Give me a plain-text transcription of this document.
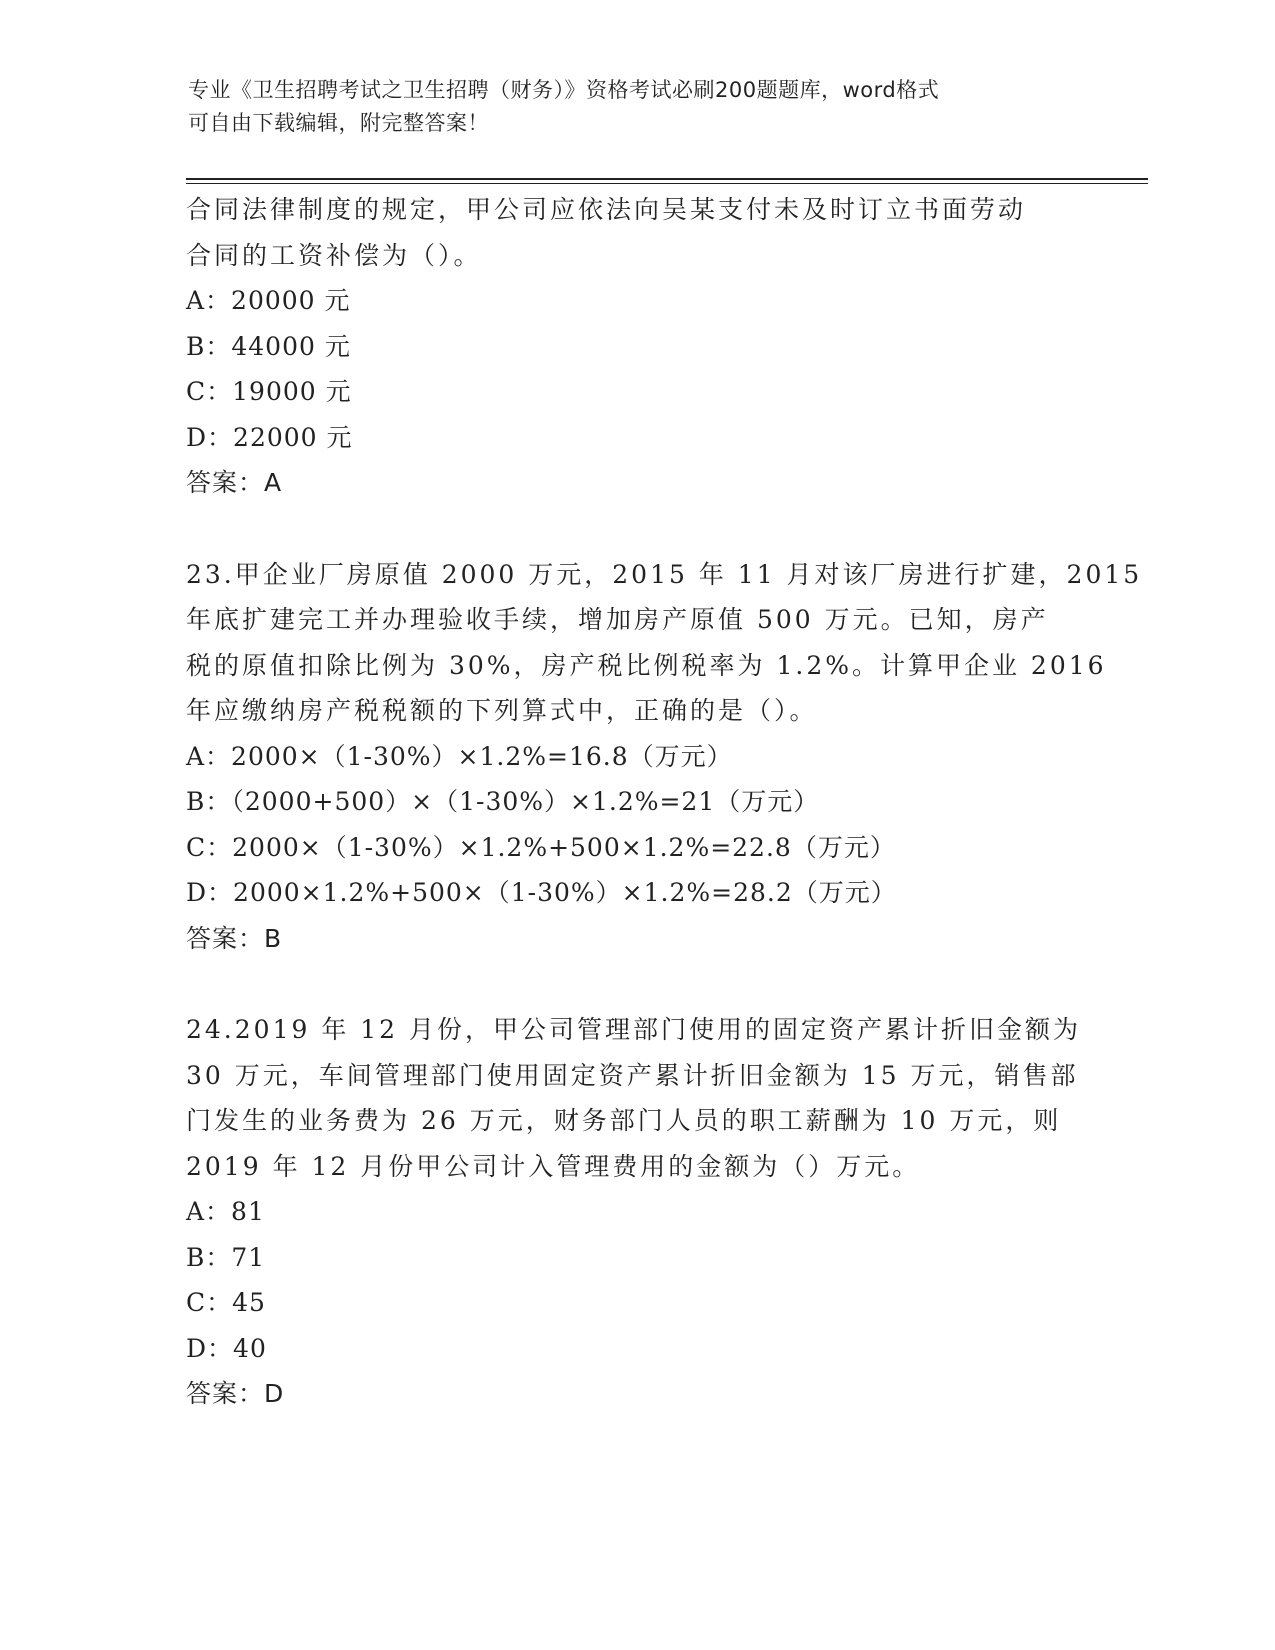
专业《卫生招聘考试之卫生招聘（财务）》资格考试必刷200题题库，word格式
可自由下载编辑，附完整答案！
合同法律制度的规定，甲公司应依法向吴某支付未及时订立书面劳动
合同的工资补偿为（）。
A：20000 元
B：44000 元
C：19000 元
D：22000 元
答案：A
23.甲企业厂房原值 2000 万元，2015 年 11 月对该厂房进行扩建，2015
年底扩建完工并办理验收手续，增加房产原值 500 万元。已知，房产
税的原值扣除比例为 30%，房产税比例税率为 1.2%。计算甲企业 2016
年应缴纳房产税税额的下列算式中，正确的是（）。
A：2000×（1-30%）×1.2%=16.8（万元）
B：（2000+500）×（1-30%）×1.2%=21（万元）
C：2000×（1-30%）×1.2%+500×1.2%=22.8（万元）
D：2000×1.2%+500×（1-30%）×1.2%=28.2（万元）
答案：B
24.2019 年 12 月份，甲公司管理部门使用的固定资产累计折旧金额为
30 万元，车间管理部门使用固定资产累计折旧金额为 15 万元，销售部
门发生的业务费为 26 万元，财务部门人员的职工薪酬为 10 万元，则
2019 年 12 月份甲公司计入管理费用的金额为（）万元。
A：81
B：71
C：45
D：40
答案：D
